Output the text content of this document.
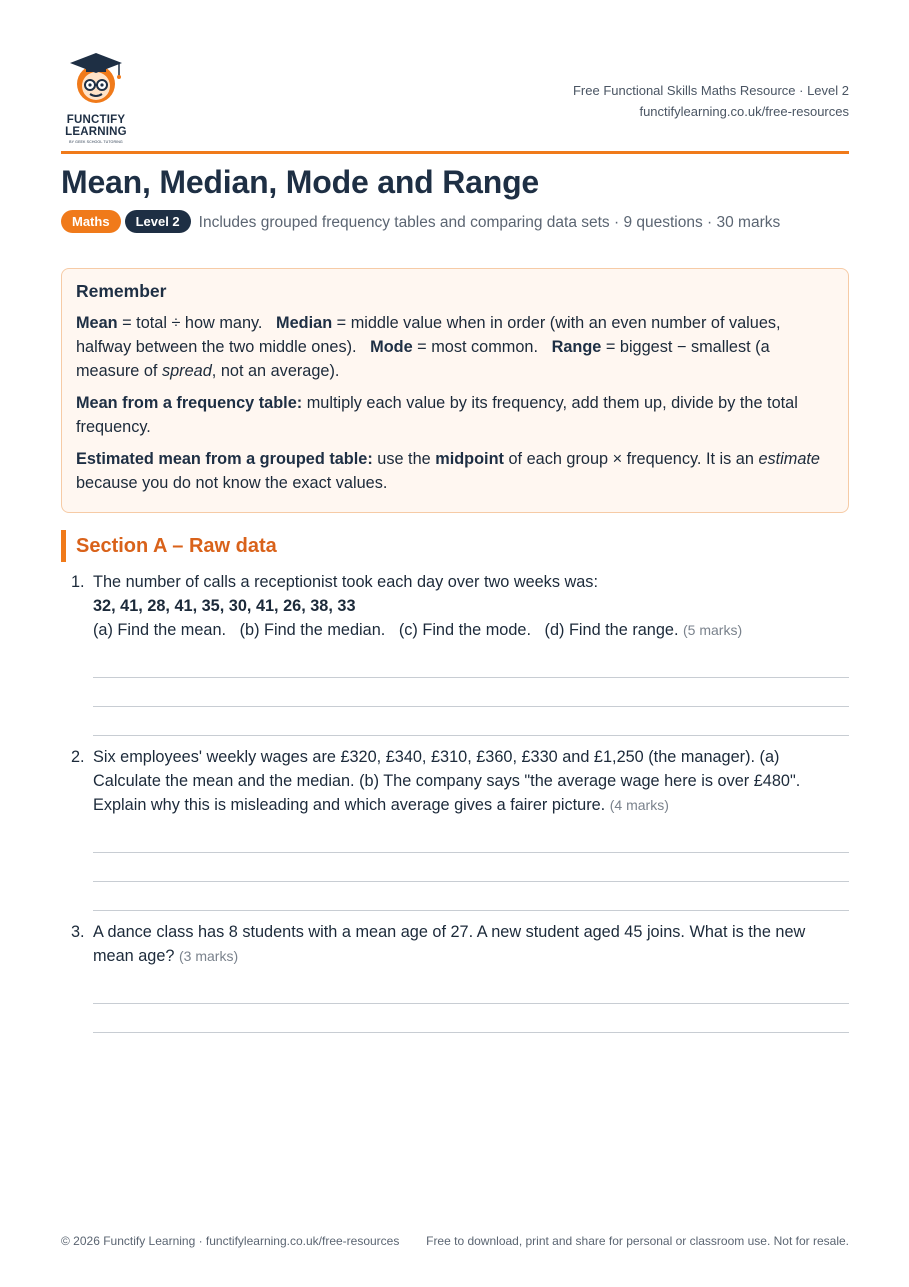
FUNCTIFY
LEARNING
BY GEEK SCHOOL TUTORING
Free Functional Skills Maths Resource · Level 2
functifylearning.co.uk/free-resources
Mean, Median, Mode and Range
Maths Level 2 Includes grouped frequency tables and comparing data sets · 9 questions · 30 marks
Remember

Mean = total ÷ how many. Median = middle value when in order (with an even number of values, halfway between the two middle ones). Mode = most common. Range = biggest − smallest (a measure of spread, not an average).

Mean from a frequency table: multiply each value by its frequency, add them up, divide by the total frequency.

Estimated mean from a grouped table: use the midpoint of each group × frequency. It is an estimate because you do not know the exact values.

Section A – Raw data
1. The number of calls a receptionist took each day over two weeks was:
32, 41, 28, 41, 35, 30, 41, 26, 38, 33
(a) Find the mean.   (b) Find the median.   (c) Find the mode.   (d) Find the range. (5 marks)
2. Six employees' weekly wages are £320, £340, £310, £360, £330 and £1,250 (the manager). (a) Calculate the mean and the median. (b) The company says "the average wage here is over £480". Explain why this is misleading and which average gives a fairer picture. (4 marks)
3. A dance class has 8 students with a mean age of 27. A new student aged 45 joins. What is the new mean age? (3 marks)
© 2026 Functify Learning · functifylearning.co.uk/free-resources	Free to download, print and share for personal or classroom use. Not for resale.
